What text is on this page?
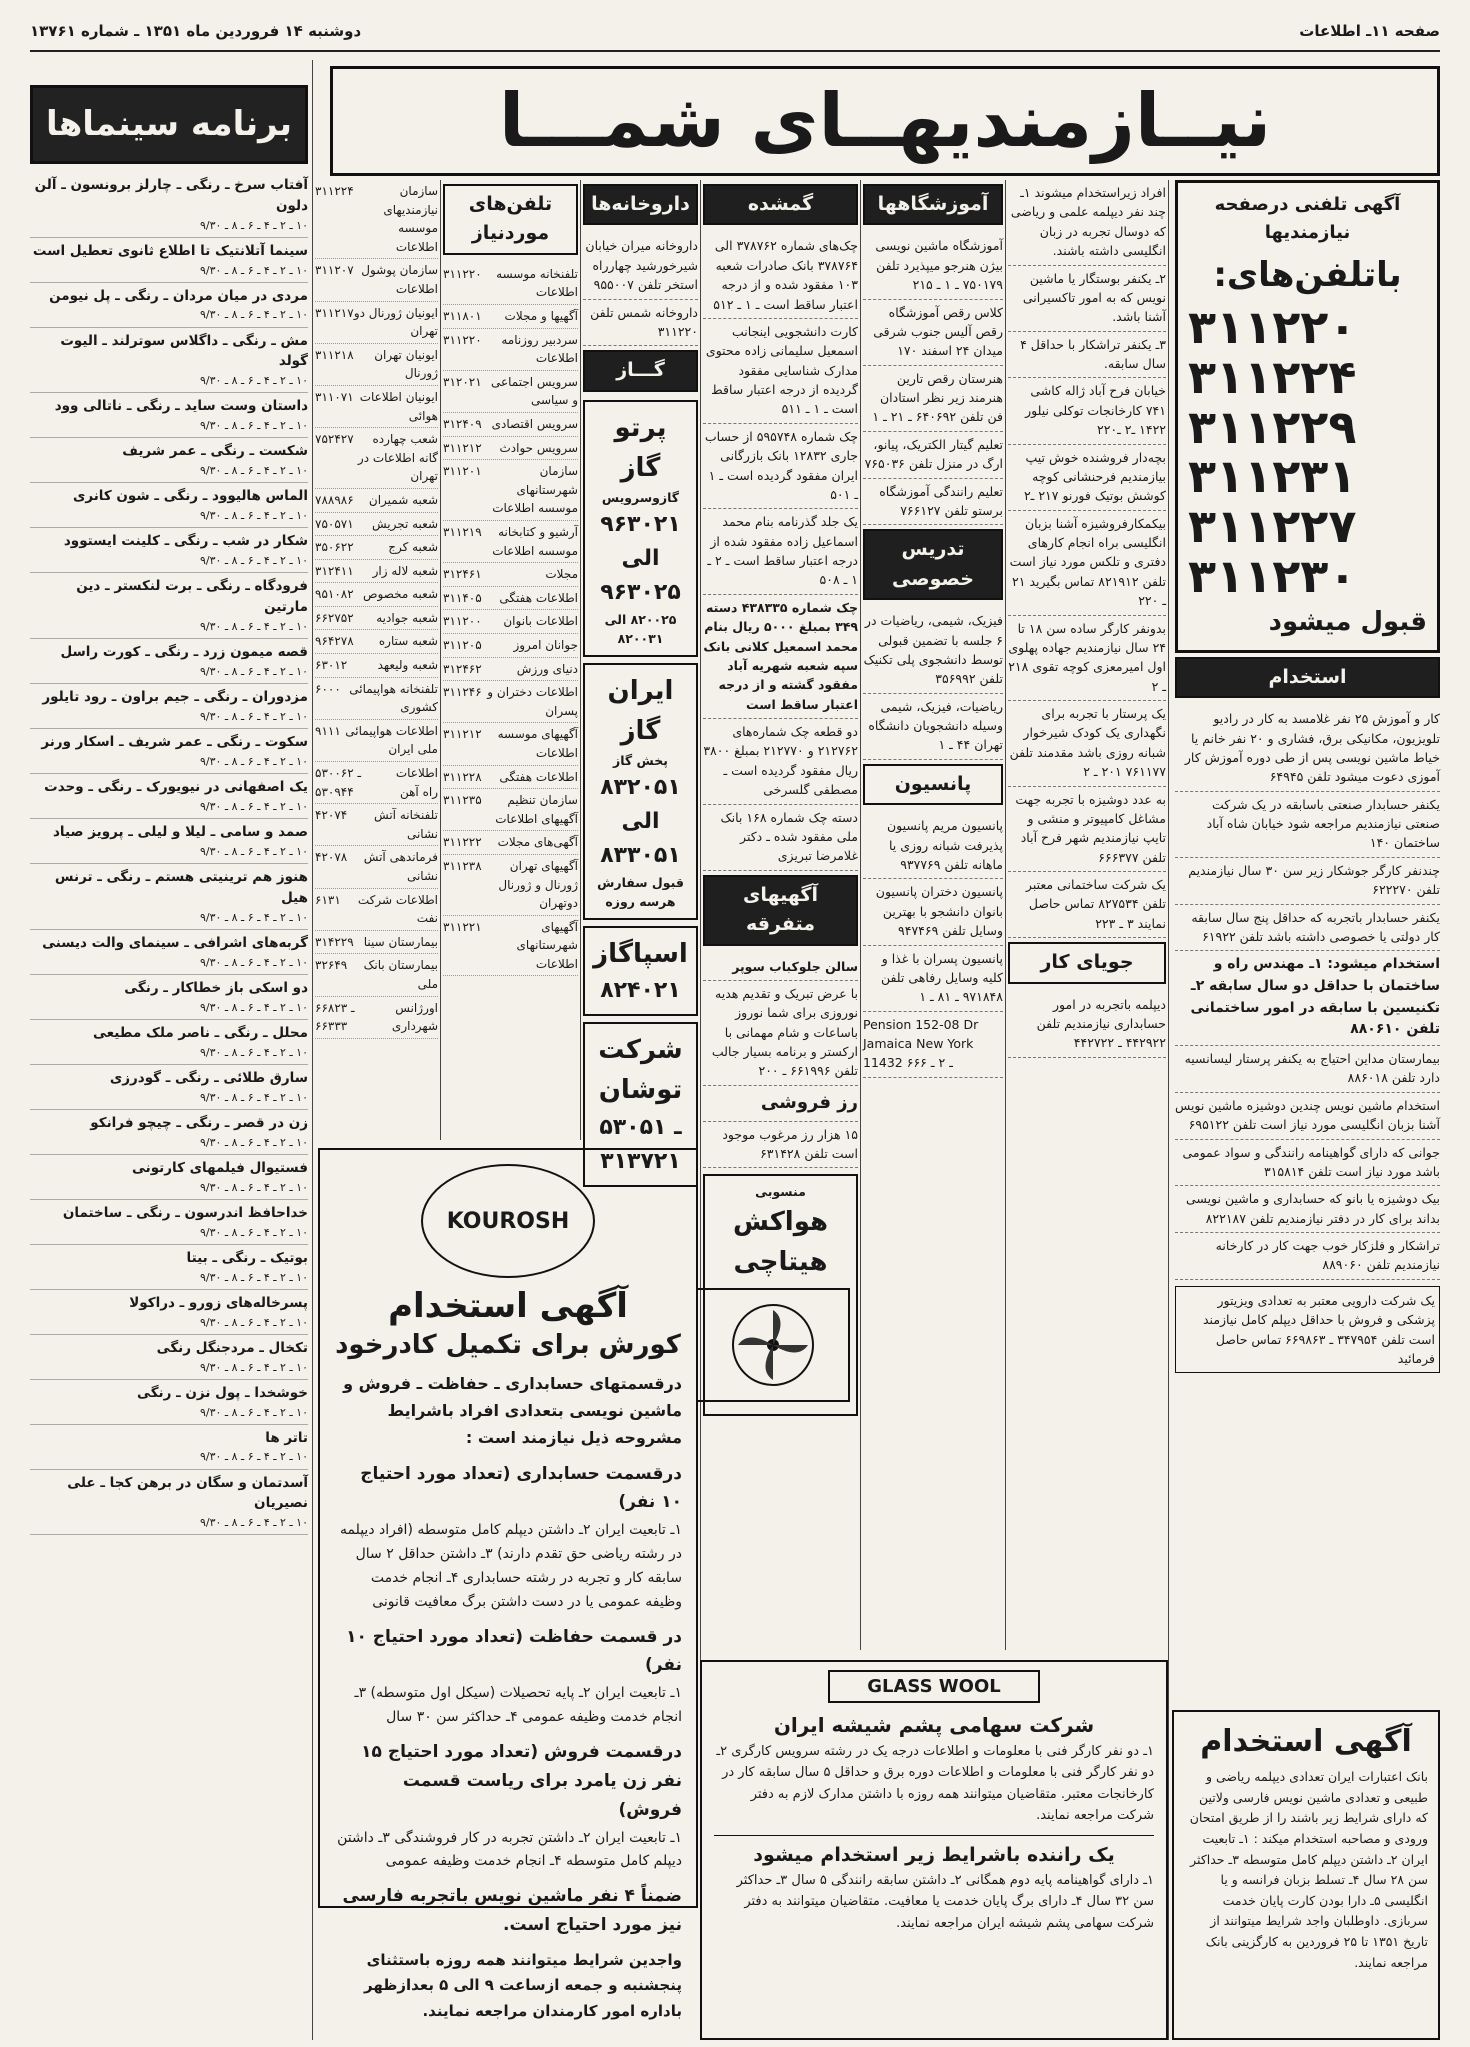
صفحه ۱۱ـ اطلاعات
دوشنبه ۱۴ فروردین ماه ۱۳۵۱ ـ شماره ۱۳۷۶۱
نیــازمندیهــای شمـــا
آگهی تلفنی درصفحه نیازمندیها
باتلفن‌های:
۳۱۱۲۲۰
۳۱۱۲۲۴
۳۱۱۲۲۹
۳۱۱۲۳۱
۳۱۱۲۲۷
۳۱۱۲۳۰
قبول میشود
استخدام
کار و آموزش ۲۵ نفر غلامسد به کار در رادیو تلویزیون، مکانیکی برق، فشاری و ۲۰ نفر خانم یا خیاط ماشین نویسی پس از طی دوره آموزش کار آموزی دعوت میشود تلفن ۶۴۹۴۵
یکنفر حسابدار صنعتی باسابقه در یک شرکت صنعتی نیازمندیم مراجعه شود خیابان شاه آباد ساختمان ۱۴۰
چندنفر کارگر جوشکار زیر سن ۳۰ سال نیازمندیم تلفن ۶۲۲۲۷۰
یکنفر حسابدار باتجربه که حداقل پنج سال سابقه کار دولتی یا خصوصی داشته باشد تلفن ۶۱۹۲۲
استخدام میشود: ۱ـ مهندس راه و ساختمان با حداقل دو سال سابقه ۲ـ تکنیسین با سابقه در امور ساختمانی تلفن ۸۸۰۶۱۰
بیمارستان مداین احتیاج به یکنفر پرستار لیسانسیه دارد تلفن ۸۸۶۰۱۸
استخدام ماشین نویس چندین دوشیزه ماشین نویس آشنا بزبان انگلیسی مورد نیاز است تلفن ۶۹۵۱۲۲
جوانی که دارای گواهینامه رانندگی و سواد عمومی باشد مورد نیاز است تلفن ۳۱۵۸۱۴
بیک دوشیزه یا بانو که حسابداری و ماشین نویسی بداند برای کار در دفتر نیازمندیم تلفن ۸۲۲۱۸۷
تراشکار و فلزکار خوب جهت کار در کارخانه نیازمندیم تلفن ۸۸۹۰۶۰
یک شرکت دارویی معتبر به تعدادی ویزیتور پزشکی و فروش با حداقل دیپلم کامل نیازمند است تلفن ۳۴۷۹۵۴ ـ ۶۶۹۸۶۳ تماس حاصل فرمائید
آگهی استخدام
بانک اعتبارات ایران تعدادی دیپلمه ریاضی و طبیعی و تعدادی ماشین نویس فارسی ولاتین که دارای شرایط زیر باشند را از طریق امتحان ورودی و مصاحبه استخدام میکند : ۱ـ تابعیت ایران ۲ـ داشتن دیپلم کامل متوسطه ۳ـ حداکثر سن ۲۸ سال ۴ـ تسلط بزبان فرانسه و یا انگلیسی ۵ـ دارا بودن کارت پایان خدمت سربازی. داوطلبان واجد شرایط میتوانند از تاریخ ۱۳۵۱ تا ۲۵ فروردین به کارگزینی بانک مراجعه نمایند.
افراد زیراستخدام میشوند ۱ـ چند نفر دیپلمه علمی و ریاضی که دوسال تجربه در زبان انگلیسی داشته باشند.
۲ـ یکنفر بوستگار یا ماشین نویس که به امور تاکسیرانی آشنا باشد.
۳ـ یکنفر تراشکار با حداقل ۴ سال سابقه.
خیابان فرح آباد ژاله کاشی ۷۴۱ کارخانجات توکلی نیلور ۱۴۲۲ ـ۲ ـ۲۲۰
بچه‌دار فروشنده خوش تیپ بیازمندیم فرحنشانی کوچه کوشش بوتیک فورنو ۲۱۷ ـ۲
بیکمکارفروشیزه آشنا بزبان انگلیسی براه انجام کارهای دفتری و تلکس مورد نیاز است تلفن ۸۲۱۹۱۲ تماس بگیرید ۲۱ ـ ۲۲۰
بدونفر کارگر ساده سن ۱۸ تا ۲۴ سال نیازمندیم جهاده پهلوی اول امیرمعزی کوچه تقوی ۲۱۸ ـ ۲
یک پرستار با تجربه برای نگهداری یک کودک شیرخوار شبانه روزی باشد مقدمند تلفن ۷۶۱۱۷۷ ۲۰۱ ـ ۲
به عدد دوشیزه با تجربه جهت مشاغل کامپیوتر و منشی و تایپ نیازمندیم شهر فرح آباد تلفن ۶۶۶۳۷۷
یک شرکت ساختمانی معتبر تلفن ۸۲۷۵۳۴ تماس حاصل نمایند ۳ ـ ۲۲۳
جویای کار
دیپلمه باتجربه در امور حسابداری نیازمندیم تلفن ۴۴۲۹۲۲ ـ ۴۴۲۷۲۲
آموزشگاهها
آموزشگاه ماشین نویسی بیژن هنرجو میپذیرد تلفن ۷۵۰۱۷۹ ـ ۱ ـ ۲۱۵
کلاس رقص آموزشگاه رقص آلیس جنوب شرقی میدان ۲۴ اسفند ۱۷۰
هنرستان رقص تارین هنرمند زیر نظر استادان فن تلفن ۶۴۰۶۹۲ ـ ۲۱ ـ ۱
تعلیم گیتار الکتریک، پیانو، ارگ در منزل تلفن ۷۶۵۰۳۶
تعلیم رانندگی آموزشگاه برستو تلفن ۷۶۶۱۲۷
تدریس خصوصی
فیزیک، شیمی، ریاضیات در ۶ جلسه با تضمین قبولی توسط دانشجوی پلی تکنیک تلفن ۳۵۶۹۹۲
ریاضیات، فیزیک، شیمی وسیله دانشجویان دانشگاه تهران ۴۴ ـ ۱
پانسیون
پانسیون مریم پانسیون پذیرفت شبانه روزی یا ماهانه تلفن ۹۳۷۷۶۹
پانسیون دختران پانسیون بانوان دانشجو با بهترین وسایل تلفن ۹۴۷۴۶۹
پانسیون پسران با غذا و کلیه وسایل رفاهی تلفن ۹۷۱۸۴۸ ـ ۸۱ ـ ۱
Pension 152-08 Dr Jamaica New York 11432 ـ ۲ ـ ۶۶۶
گمشده
چک‌های شماره ۳۷۸۷۶۲ الی ۳۷۸۷۶۴ بانک صادرات شعبه ۱۰۳ مفقود شده و از درجه اعتبار ساقط است ـ ۱ ـ ۵۱۲
کارت دانشجویی اینجانب اسمعیل سلیمانی زاده محتوی مدارک شناسایی مفقود گردیده از درجه اعتبار ساقط است ـ ۱ ـ ۵۱۱
چک شماره ۵۹۵۷۴۸ از حساب جاری ۱۲۸۳۲ بانک بازرگانی ایران مفقود گردیده است ـ ۱ ـ ۵۰۱
یک جلد گذرنامه بنام محمد اسماعیل زاده مفقود شده از درجه اعتبار ساقط است ـ ۲ ـ ۱ ـ ۵۰۸
چک شماره ۴۳۸۳۳۵ دسته ۳۴۹ بمبلغ ۵۰۰۰ ریال بنام محمد اسمعیل کلانی بانک سپه شعبه شهریه آباد مفقود گشته و از درجه اعتبار ساقط است
دو قطعه چک شماره‌های ۲۱۲۷۶۲ و ۲۱۲۷۷۰ بمبلغ ۳۸۰۰ ریال مفقود گردیده است ـ مصطفی گلسرخی
دسته چک شماره ۱۶۸ بانک ملی مفقود شده ـ دکتر غلامرضا تبریزی
آگهیهای متفرقه
سالن جلوکباب سوپر
با عرض تبریک و تقدیم هدیه نوروزی برای شما نوروز باساعات و شام مهمانی با ارکستر و برنامه بسیار جالب تلفن ۶۶۱۹۹۶ ـ ۲۰۰
رز فروشی
۱۵ هزار رز مرغوب موجود است تلفن ۶۳۱۴۲۸
منسوبی
هواکش هیتاچی
داروخانه‌ها
داروخانه میران خیابان شیرخورشید چهارراه استخر تلفن ۹۵۵۰۰۷
داروخانه شمس تلفن ۳۱۱۲۲۰
گـــاز
پرتو گاز
گازوسرویس
۹۶۳۰۲۱ الی ۹۶۳۰۲۵
۸۲۰۰۲۵ الی ۸۲۰۰۳۱
ایران گاز
پخش گاز
۸۳۲۰۵۱ الی ۸۳۳۰۵۱
قبول سفارش هرسه روزه
اسپاگاز
۸۲۴۰۲۱
شرکت توشان
۵۳۰۵۱ ـ ۳۱۳۷۲۱
تلفن‌های موردنیاز
تلفنخانه موسسه اطلاعات
۳۱۱۲۲۰
آگهیها و مجلات
۳۱۱۸۰۱
سردبیر روزنامه اطلاعات
۳۱۱۲۲۰
سرویس اجتماعی و سیاسی
۳۱۲۰۲۱
سرویس اقتصادی
۳۱۲۴۰۹
سرویس حوادث
۳۱۱۲۱۲
سازمان شهرستانهای موسسه اطلاعات
۳۱۱۲۰۱
آرشیو و کتابخانه موسسه اطلاعات
۳۱۱۲۱۹
مجلات
۳۱۲۴۶۱
اطلاعات هفتگی
۳۱۱۴۰۵
اطلاعات بانوان
۳۱۱۲۰۰
جوانان امروز
۳۱۱۲۰۵
دنیای ورزش
۳۱۲۴۶۲
اطلاعات دختران و پسران
۳۱۱۲۴۶
آگهیهای موسسه اطلاعات
۳۱۱۲۱۲
اطلاعات هفتگی
۳۱۱۲۲۸
سازمان تنظیم آگهیهای اطلاعات
۳۱۱۲۳۵
آگهی‌های مجلات
۳۱۱۲۲۲
آگهیهای تهران ژورنال و ژورنال دوتهران
۳۱۱۲۳۸
آگهیهای شهرستانهای اطلاعات
۳۱۱۲۲۱
سازمان نیازمندیهای موسسه اطلاعات
۳۱۱۲۲۴
سازمان پوشول اطلاعات
۳۱۱۲۰۷
ایونیان ژورنال دو تهران
۳۱۱۲۱۷
ایونیان تهران ژورنال
۳۱۱۲۱۸
ایونیان اطلاعات هوائی
۳۱۱۰۷۱
شعب چهارده گانه اطلاعات در تهران
۷۵۲۴۲۷
شعبه شمیران
۷۸۸۹۸۶
شعبه تجریش
۷۵۰۵۷۱
شعبه کرج
۳۵۰۶۲۲
شعبه لاله زار
۳۱۲۴۱۱
شعبه مخصوص
۹۵۱۰۸۲
شعبه جوادیه
۶۶۲۷۵۲
شعبه ستاره
۹۶۴۲۷۸
شعبه ولیعهد
۶۳۰۱۲
تلفنخانه هواپیمائی کشوری
۶۰۰۰
اطلاعات هواپیمائی ملی ایران
۹۱۱۱
اطلاعات راه آهن
۵۳۰۰۶۲ ـ ۵۳۰۹۴۴
تلفنخانه آتش نشانی
۴۲۰۷۴
فرماندهی آتش نشانی
۴۲۰۷۸
اطلاعات شرکت نفت
۶۱۳۱
بیمارستان سینا
۳۱۴۲۲۹
بیمارستان بانک ملی
۳۲۶۴۹
اورژانس شهرداری
۶۶۸۲۳ ـ ۶۶۳۳۳
KOUROSH
آگهی استخدام
کورش برای تکمیل کادرخود
درقسمتهای حسابداری ـ حفاظت ـ فروش و ماشین نویسی بتعدادی افراد باشرایط مشروحه ذیل نیازمند است :
درقسمت حسابداری (تعداد مورد احتیاج ۱۰ نفر)
۱ـ تابعیت ایران ۲ـ داشتن دیپلم کامل متوسطه (افراد دیپلمه در رشته ریاضی حق تقدم دارند) ۳ـ داشتن حداقل ۲ سال سابقه کار و تجربه در رشته حسابداری ۴ـ انجام خدمت وظیفه عمومی یا در دست داشتن برگ معافیت قانونی
در قسمت حفاظت (تعداد مورد احتیاج ۱۰ نفر)
۱ـ تابعیت ایران ۲ـ پایه تحصیلات (سیکل اول متوسطه) ۳ـ انجام خدمت وظیفه عمومی ۴ـ حداکثر سن ۳۰ سال
درقسمت فروش (تعداد مورد احتیاج ۱۵ نفر زن یامرد برای ریاست قسمت فروش)
۱ـ تابعیت ایران ۲ـ داشتن تجربه در کار فروشندگی ۳ـ داشتن دیپلم کامل متوسطه ۴ـ انجام خدمت وظیفه عمومی
ضمناً ۴ نفر ماشین نویس باتجربه فارسی نیز مورد احتیاج است.
واجدین شرایط میتوانند همه روزه باستثنای پنجشنبه و جمعه ازساعت ۹ الی ۵ بعدازظهر باداره امور کارمندان مراجعه نمایند.
GLASS WOOL
شرکت سهامی پشم شیشه ایران
۱ـ دو نفر کارگر فنی با معلومات و اطلاعات درجه یک در رشته سرویس کارگری ۲ـ دو نفر کارگر فنی با معلومات و اطلاعات دوره برق و حداقل ۵ سال سابقه کار در کارخانجات معتبر. متقاضیان میتوانند همه روزه با داشتن مدارک لازم به دفتر شرکت مراجعه نمایند.
یک راننده باشرایط زیر استخدام میشود
۱ـ دارای گواهینامه پایه دوم همگانی ۲ـ داشتن سابقه رانندگی ۵ سال ۳ـ حداکثر سن ۳۲ سال ۴ـ دارای برگ پایان خدمت یا معافیت. متقاضیان میتوانند به دفتر شرکت سهامی پشم شیشه ایران مراجعه نمایند.
برنامه سینماها
آفتاب سرخ ـ رنگی ـ چارلز برونسون ـ آلن دلون
۱۰ ـ ۲ ـ ۴ ـ ۶ ـ ۸ ـ ۹/۳۰
سینما آتلانتیک تا اطلاع ثانوی تعطیل است
۱۰ ـ ۲ ـ ۴ ـ ۶ ـ ۸ ـ ۹/۳۰
مردی در میان مردان ـ رنگی ـ پل نیومن
۱۰ ـ ۲ ـ ۴ ـ ۶ ـ ۸ ـ ۹/۳۰
مش ـ رنگی ـ داگلاس سوترلند ـ الیوت گولد
۱۰ ـ ۲ ـ ۴ ـ ۶ ـ ۸ ـ ۹/۳۰
داستان وست ساید ـ رنگی ـ ناتالی وود
۱۰ ـ ۲ ـ ۴ ـ ۶ ـ ۸ ـ ۹/۳۰
شکست ـ رنگی ـ عمر شریف
۱۰ ـ ۲ ـ ۴ ـ ۶ ـ ۸ ـ ۹/۳۰
الماس هالیوود ـ رنگی ـ شون کانری
۱۰ ـ ۲ ـ ۴ ـ ۶ ـ ۸ ـ ۹/۳۰
شکار در شب ـ رنگی ـ کلینت ایستوود
۱۰ ـ ۲ ـ ۴ ـ ۶ ـ ۸ ـ ۹/۳۰
فرودگاه ـ رنگی ـ برت لنکستر ـ دین مارتین
۱۰ ـ ۲ ـ ۴ ـ ۶ ـ ۸ ـ ۹/۳۰
قصه میمون زرد ـ رنگی ـ کورت راسل
۱۰ ـ ۲ ـ ۴ ـ ۶ ـ ۸ ـ ۹/۳۰
مزدوران ـ رنگی ـ جیم براون ـ رود تایلور
۱۰ ـ ۲ ـ ۴ ـ ۶ ـ ۸ ـ ۹/۳۰
سکوت ـ رنگی ـ عمر شریف ـ اسکار ورنر
۱۰ ـ ۲ ـ ۴ ـ ۶ ـ ۸ ـ ۹/۳۰
یک اصفهانی در نیویورک ـ رنگی ـ وحدت
۱۰ ـ ۲ ـ ۴ ـ ۶ ـ ۸ ـ ۹/۳۰
صمد و سامی ـ لیلا و لیلی ـ پرویز صیاد
۱۰ ـ ۲ ـ ۴ ـ ۶ ـ ۸ ـ ۹/۳۰
هنوز هم ترینیتی هستم ـ رنگی ـ ترنس هیل
۱۰ ـ ۲ ـ ۴ ـ ۶ ـ ۸ ـ ۹/۳۰
گربه‌های اشرافی ـ سینمای والت دیسنی
۱۰ ـ ۲ ـ ۴ ـ ۶ ـ ۸ ـ ۹/۳۰
دو اسکی باز خطاکار ـ رنگی
۱۰ ـ ۲ ـ ۴ ـ ۶ ـ ۸ ـ ۹/۳۰
محلل ـ رنگی ـ ناصر ملک مطیعی
۱۰ ـ ۲ ـ ۴ ـ ۶ ـ ۸ ـ ۹/۳۰
سارق طلائی ـ رنگی ـ گودرزی
۱۰ ـ ۲ ـ ۴ ـ ۶ ـ ۸ ـ ۹/۳۰
زن در قصر ـ رنگی ـ چیچو فرانکو
۱۰ ـ ۲ ـ ۴ ـ ۶ ـ ۸ ـ ۹/۳۰
فستیوال فیلمهای کارتونی
۱۰ ـ ۲ ـ ۴ ـ ۶ ـ ۸ ـ ۹/۳۰
خداحافظ اندرسون ـ رنگی ـ ساختمان
۱۰ ـ ۲ ـ ۴ ـ ۶ ـ ۸ ـ ۹/۳۰
بوتیک ـ رنگی ـ بیتا
۱۰ ـ ۲ ـ ۴ ـ ۶ ـ ۸ ـ ۹/۳۰
پسرخاله‌های زورو ـ دراکولا
۱۰ ـ ۲ ـ ۴ ـ ۶ ـ ۸ ـ ۹/۳۰
تکخال ـ مردجنگل رنگی
۱۰ ـ ۲ ـ ۴ ـ ۶ ـ ۸ ـ ۹/۳۰
خوشخدا ـ پول نزن ـ رنگی
۱۰ ـ ۲ ـ ۴ ـ ۶ ـ ۸ ـ ۹/۳۰
تاتر ها
۱۰ ـ ۲ ـ ۴ ـ ۶ ـ ۸ ـ ۹/۳۰
آسدتمان و سگان در برهن کجا ـ علی نصیریان
۱۰ ـ ۲ ـ ۴ ـ ۶ ـ ۸ ـ ۹/۳۰
